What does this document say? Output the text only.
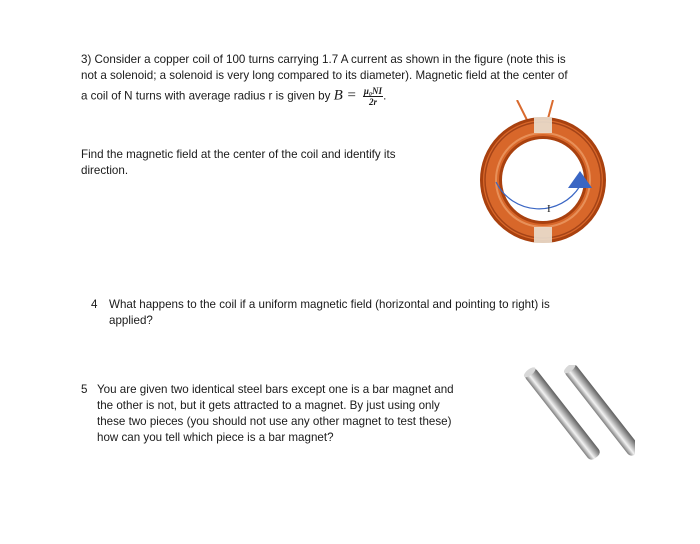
3) Consider a copper coil of 100 turns carrying 1.7 A current as shown in the figure (note this is
not a solenoid; a solenoid is very long compared to its diameter). Magnetic field at the center of
a coil of N turns with average radius r is given by $B = \frac{\text{μ₀NI}}{2r}$ .
Find the magnetic field at the center of the coil and identify its
direction.
I
4 What happens to the coil if a uniform magnetic field (horizontal and pointing to right) is
applied?
5 You are given two identical steel bars except one is a bar magnet and
the other is not, but it gets attracted to a magnet. By just using only
these two pieces (you should not use any other magnet to test these)
how can you tell which piece is a bar magnet?
